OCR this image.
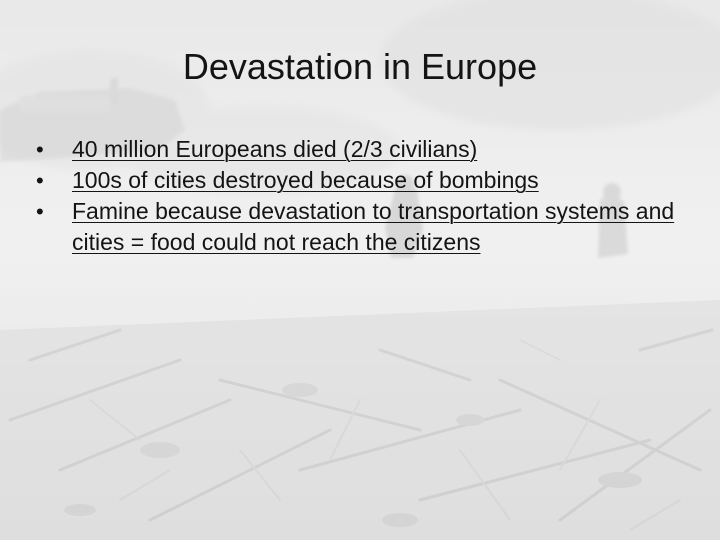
Devastation in Europe
•	40 million Europeans died (2/3 civilians)
•	100s of cities destroyed because of bombings
•	Famine because devastation to transportation systems and cities = food could not reach the citizens
